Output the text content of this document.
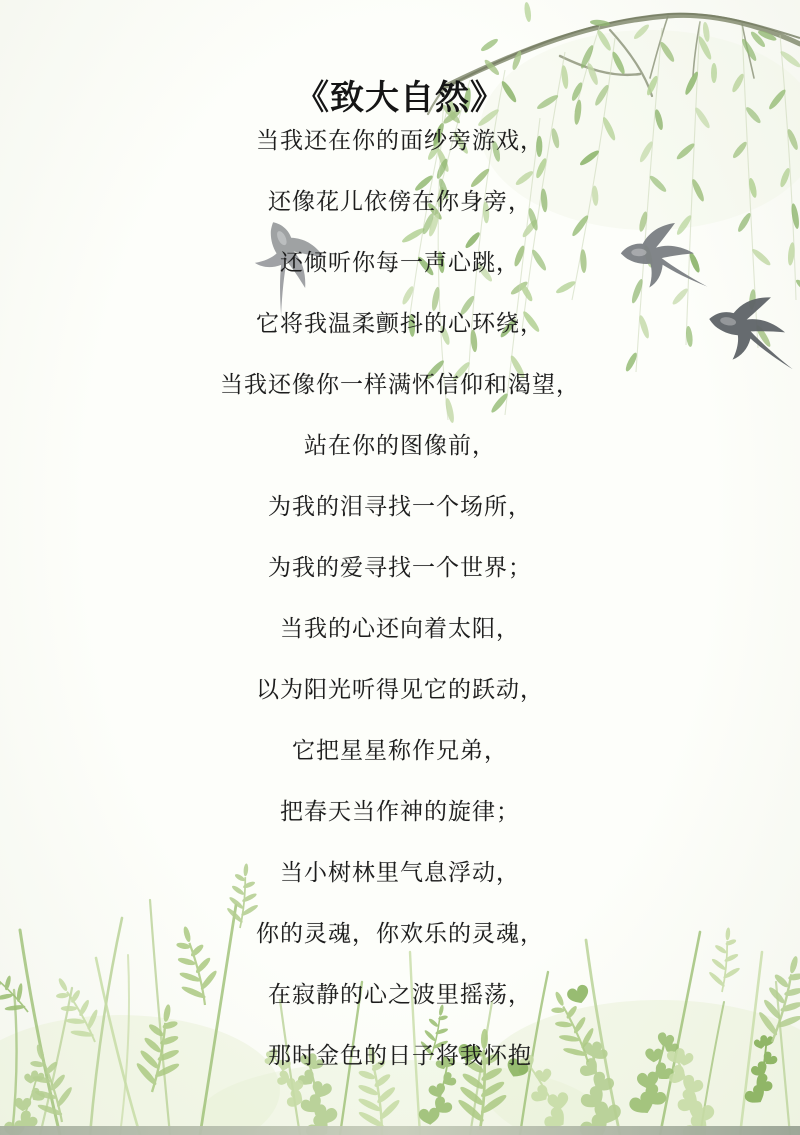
《致大自然》

当我还在你的面纱旁游戏，

还像花儿依傍在你身旁，

还倾听你每一声心跳，

它将我温柔颤抖的心环绕，

当我还像你一样满怀信仰和渴望，

站在你的图像前，

为我的泪寻找一个场所，

为我的爱寻找一个世界；

当我的心还向着太阳，

以为阳光听得见它的跃动，

它把星星称作兄弟，

把春天当作神的旋律；

当小树林里气息浮动，

你的灵魂，你欢乐的灵魂，

在寂静的心之波里摇荡，

那时金色的日子将我怀抱
